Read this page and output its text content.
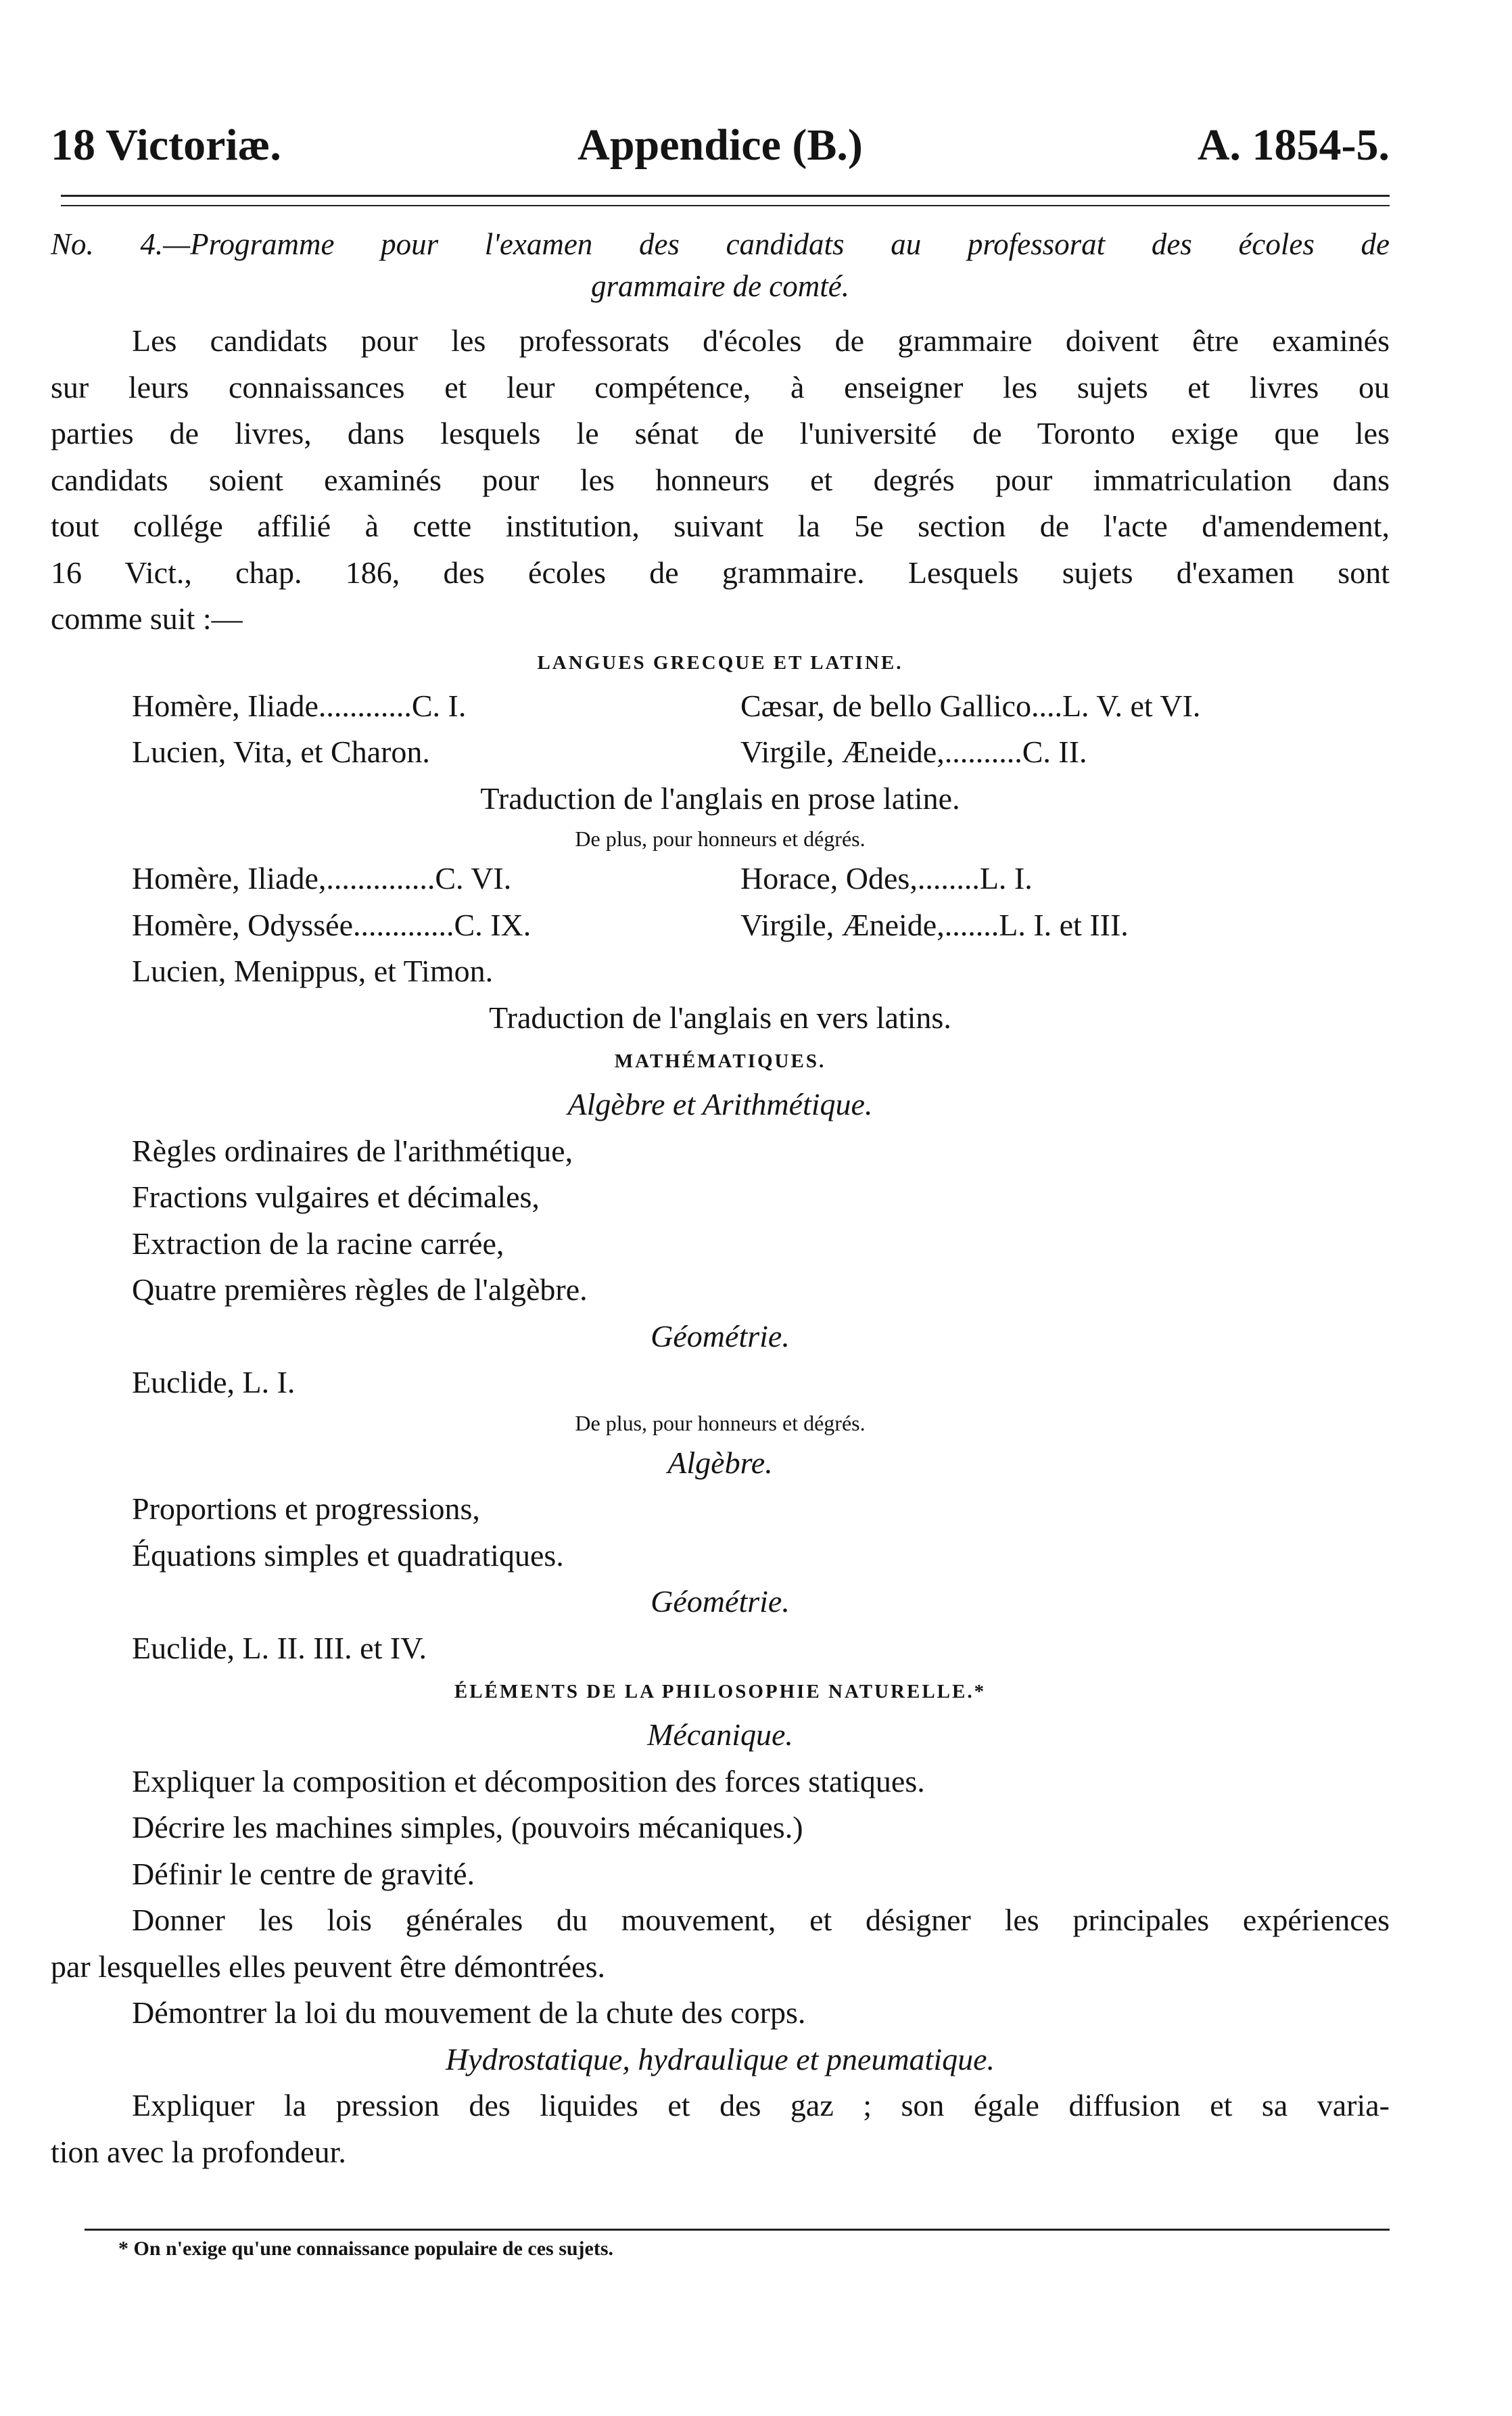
18 Victoriæ.	Appendice (B.)	A. 1854-5.
No. 4.—Programme pour l'examen des candidats au professorat des écoles de
grammaire de comté.

Les candidats pour les professorats d'écoles de grammaire doivent être examinés

sur leurs connaissances et leur compétence, à enseigner les sujets et livres ou

parties de livres, dans lesquels le sénat de l'université de Toronto exige que les

candidats soient examinés pour les honneurs et degrés pour immatriculation dans

tout collége affilié à cette institution, suivant la 5e section de l'acte d'amendement,

16 Vict., chap. 186, des écoles de grammaire. Lesquels sujets d'examen sont

comme suit :—

LANGUES GRECQUE ET LATINE.

Homère, Iliade............C. I.	Cæsar, de bello Gallico....L. V. et VI.
Lucien, Vita, et Charon.	Virgile, Æneide,..........C. II.

Traduction de l'anglais en prose latine.

De plus, pour honneurs et dégrés.

Homère, Iliade,..............C. VI.	Horace, Odes,........L. I.
Homère, Odyssée.............C. IX.	Virgile, Æneide,.......L. I. et III.
Lucien, Menippus, et Timon.

Traduction de l'anglais en vers latins.

MATHÉMATIQUES.

Algèbre et Arithmétique.

Règles ordinaires de l'arithmétique,

Fractions vulgaires et décimales,

Extraction de la racine carrée,

Quatre premières règles de l'algèbre.

Géométrie.

Euclide, L. I.

De plus, pour honneurs et dégrés.

Algèbre.

Proportions et progressions,

Équations simples et quadratiques.

Géométrie.

Euclide, L. II. III. et IV.

ÉLÉMENTS DE LA PHILOSOPHIE NATURELLE.*

Mécanique.

Expliquer la composition et décomposition des forces statiques.

Décrire les machines simples, (pouvoirs mécaniques.)

Définir le centre de gravité.

Donner les lois générales du mouvement, et désigner les principales expériences

par lesquelles elles peuvent être démontrées.

Démontrer la loi du mouvement de la chute des corps.

Hydrostatique, hydraulique et pneumatique.

Expliquer la pression des liquides et des gaz ; son égale diffusion et sa varia-

tion avec la profondeur.

* On n'exige qu'une connaissance populaire de ces sujets.
